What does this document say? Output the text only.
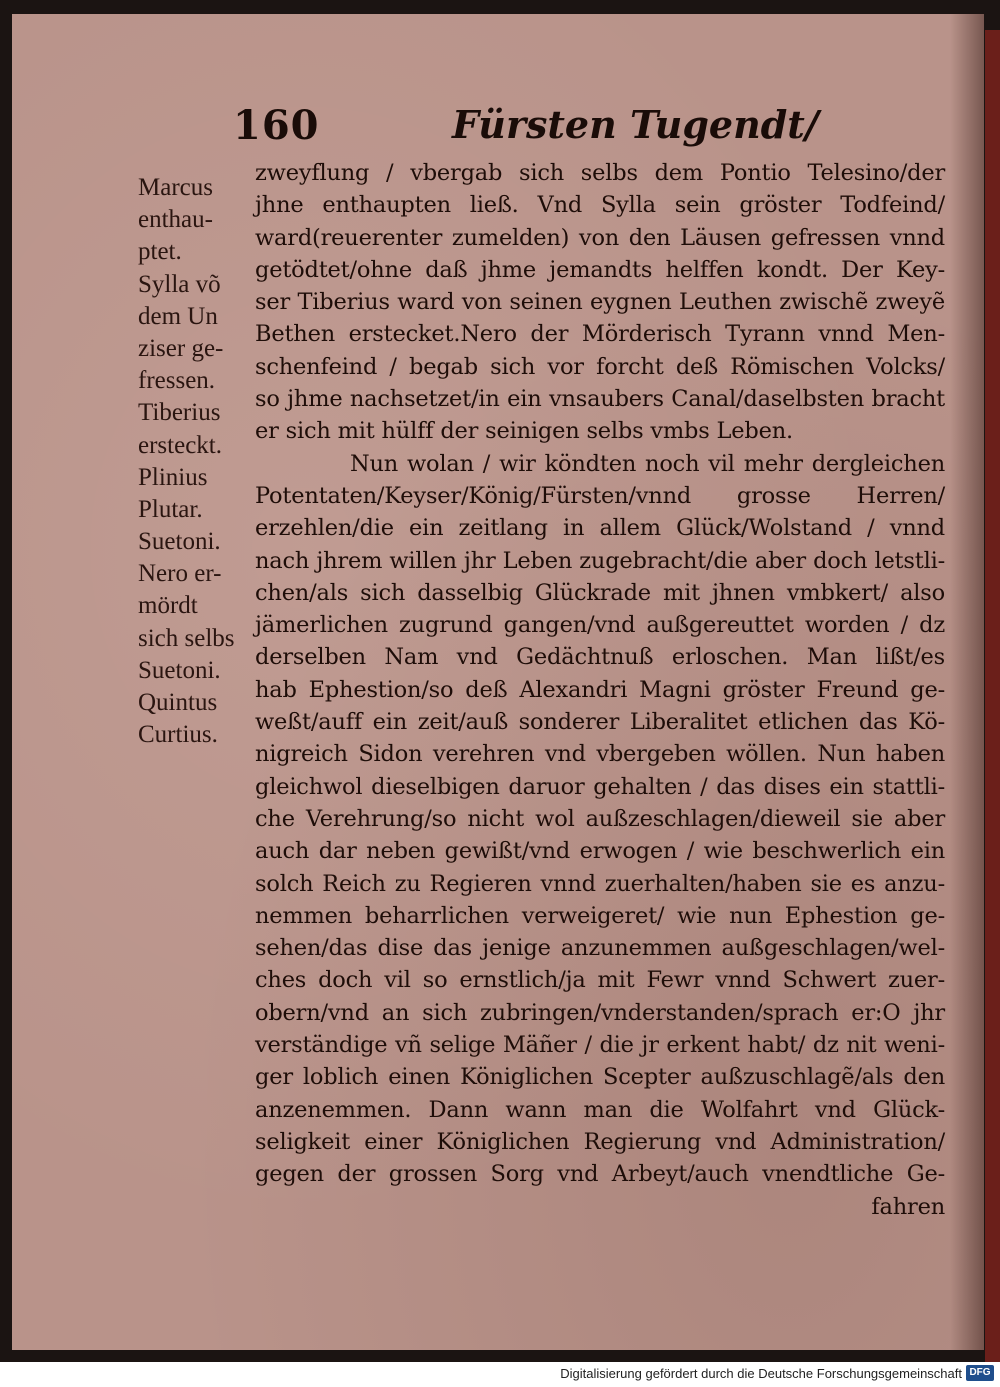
160	Fürsten Tugendt/
Marcus
enthau-
ptet.
Sylla võ
dem Un
ziser ge-
fressen.
Tiberius
ersteckt.
Plinius
Plutar.
Suetoni.
Nero er-
mördt
sich selbs
Suetoni.
Quintus
Curtius.
zweyflung / vbergab sich selbs dem Pontio Telesino/der
jhne enthaupten ließ. Vnd Sylla sein gröster Todfeind/
ward(reuerenter zumelden) von den Läusen gefressen vnnd
getödtet/ohne daß jhme jemandts helffen kondt. Der Key-
ser Tiberius ward von seinen eygnen Leuthen zwischẽ zweyẽ
Bethen erstecket.Nero der Mörderisch Tyrann vnnd Men-
schenfeind / begab sich vor forcht deß Römischen Volcks/
so jhme nachsetzet/in ein vnsaubers Canal/daselbsten bracht
er sich mit hülff der seinigen selbs vmbs Leben.
Nun wolan / wir köndten noch vil mehr dergleichen
Potentaten/Keyser/König/Fürsten/vnnd grosse Herren/
erzehlen/die ein zeitlang in allem Glück/Wolstand / vnnd
nach jhrem willen jhr Leben zugebracht/die aber doch letstli-
chen/als sich dasselbig Glückrade mit jhnen vmbkert/ also
jämerlichen zugrund gangen/vnd außgereuttet worden / dz
derselben Nam vnd Gedächtnuß erloschen. Man lißt/es
hab Ephestion/so deß Alexandri Magni gröster Freund ge-
weßt/auff ein zeit/auß sonderer Liberalitet etlichen das Kö-
nigreich Sidon verehren vnd vbergeben wöllen. Nun haben
gleichwol dieselbigen daruor gehalten / das dises ein stattli-
che Verehrung/so nicht wol außzeschlagen/dieweil sie aber
auch dar neben gewißt/vnd erwogen / wie beschwerlich ein
solch Reich zu Regieren vnnd zuerhalten/haben sie es anzu-
nemmen beharrlichen verweigeret/ wie nun Ephestion ge-
sehen/das dise das jenige anzunemmen außgeschlagen/wel-
ches doch vil so ernstlich/ja mit Fewr vnnd Schwert zuer-
obern/vnd an sich zubringen/vnderstanden/sprach er:O jhr
verständige vñ selige Mäñer / die jr erkent habt/ dz nit weni-
ger loblich einen Königlichen Scepter außzuschlagẽ/als den
anzenemmen. Dann wann man die Wolfahrt vnd Glück-
seligkeit einer Königlichen Regierung vnd Administration/
gegen der grossen Sorg vnd Arbeyt/auch vnendtliche Ge-
fahren
Digitalisierung gefördert durch die Deutsche Forschungsgemeinschaft DFG
